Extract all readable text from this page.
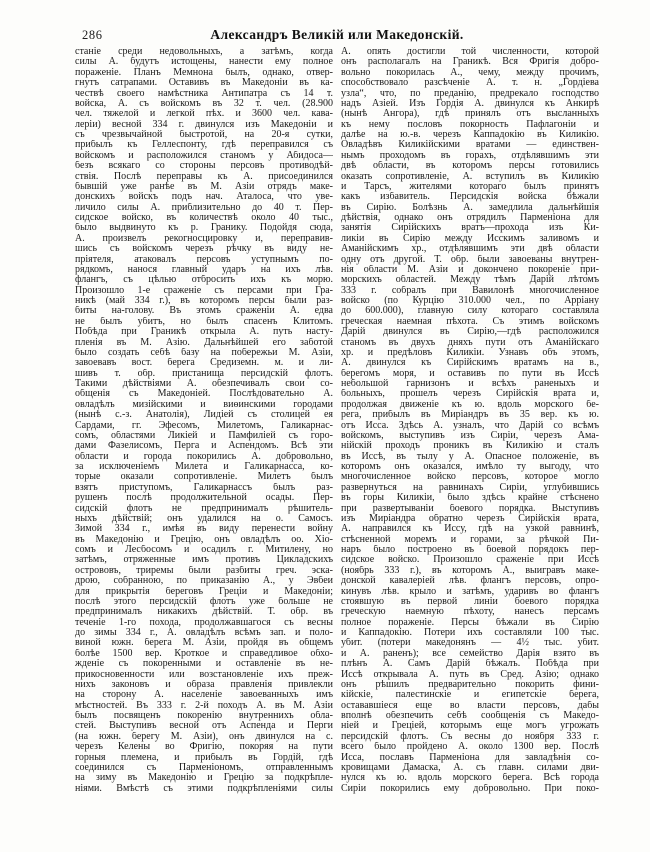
286	Александръ Великій или Македонскій.
станіе среди недовольныхъ, а затѣмъ, когда
силы А. будутъ истощены, нанести ему полное
пораженіе. Планъ Мемнона былъ, однако, отвер-
гнутъ сатрапами. Оставивъ въ Македоніи въ ка-
чествѣ своего намѣстника Антипатра съ 14 т.
войска, А. съ войскомъ въ 32 т. чел. (28.900
чел. тяжелой и легкой пѣх. и 3600 чел. кава-
леріи) весной 334 г. двинулся изъ Македоніи и
съ чрезвычайной быстротой, на 20-я сутки,
прибылъ къ Геллеспонту, гдѣ переправился съ
войскомъ и расположился станомъ у Абидоса—
безъ всякаго со стороны персовъ противодѣй-
ствія. Послѣ переправы къ А. присоединился
бывшій уже ранѣе въ М. Азіи отрядъ маке-
донскихъ войскъ подъ нач. Аталоса, что уве-
личило силы А. приблизительно до 40 т. Пер-
сидское войско, въ количествѣ около 40 тыс.,
было выдвинуто къ р. Гранику. Подойдя сюда,
А. произвелъ рекогносцировку и, переправив-
шись съ войскомъ черезъ рѣчку въ виду не-
пріятеля, атаковалъ персовъ уступнымъ по-
рядкомъ, нанося главный ударъ на ихъ лѣв.
флангъ, съ цѣлью отбросить ихъ къ морю.
Произошло 1-е сраженіе съ персами при Гра-
никѣ (май 334 г.), въ которомъ персы были раз-
биты на-голову. Въ этомъ сраженіи А. едва
не былъ убитъ, но былъ спасенъ Клитомъ.
Побѣда при Граникѣ открыла А. путь насту-
пленія въ М. Азію. Дальнѣйшей его заботой
было создать себѣ базу на побережьи М. Азіи,
завоевавъ вост. берега Средиземн. м. и ли-
шивъ т. обр. пристанища персидскій флотъ.
Такими дѣйствіями А. обезпечивалъ свои со-
общенія съ Македоніей. Послѣдовательно А.
овладѣлъ мизійскими и виѳинскими городами
(нынѣ с.-з. Анатолія), Лидіей съ столицей ея
Сардами, гг. Эфесомъ, Милетомъ, Галикарнас-
сомъ, областями Ликіей и Памфиліей съ горо-
дами Фазелисомъ, Перга и Аспендомъ. Всѣ эти
области и города покорились А. добровольно,
за исключеніемъ Милета и Галикарнасса, ко-
торые оказали сопротивленіе. Милетъ былъ
взятъ приступомъ, Галикарнассъ былъ раз-
рушенъ послѣ продолжительной осады. Пер-
сидскій флотъ не предпринималъ рѣшитель-
ныхъ дѣйствій; онъ удалился на о. Самосъ.
Зимой 334 г., имѣя въ виду перенести войну
въ Македонію и Грецію, онъ овладѣлъ оо. Хіо-
сомъ и Лесбосомъ и осадилъ г. Митилену, но
затѣмъ, отряженные имъ противъ Цикладскихъ
острововъ, триремы были разбиты греч. эска-
дрою, собранною, по приказанію А., у Эвбеи
для прикрытія береговъ Греціи и Македоніи;
послѣ этого персидскій флотъ уже больше не
предпринималъ никакихъ дѣйствій. Т. обр. въ
теченіе 1-го похода, продолжавшагося съ весны
до зимы 334 г., А. овладѣлъ всѣмъ зап. и поло-
виной южн. берега М. Азіи, пройдя въ общемъ
болѣе 1500 вер. Кроткое и справедливое обхо-
жденіе съ покоренными и оставленіе въ не-
прикосновенности или возстановленіе ихъ преж-
нихъ законовъ и образа правленія привлекли
на сторону А. населеніе завоеванныхъ имъ
мѣстностей. Въ 333 г. 2-й походъ А. въ М. Азіи
былъ посвященъ покоренію внутреннихъ обла-
стей. Выступивъ весной отъ Аспенда и Перги
(на южн. берегу М. Азіи), онъ двинулся на с.
черезъ Келены во Фригію, покоряя на пути
горныя племена, и прибылъ въ Гордій, гдѣ
соединился съ Парменіономъ, отправленнымъ
на зиму въ Македонію и Грецію за подкрѣпле-
ніями. Вмѣстѣ съ этими подкрѣпленіями силы
А. опять достигли той численности, которой
онъ располагалъ на Граникѣ. Вся Фригія добро-
вольно покорилась А., чему, между прочимъ,
способствовало разсѣченіе А. т. н. „Гордіева
узла“, что, по преданію, предрекало господство
надъ Азіей. Изъ Гордія А. двинулся къ Анкирѣ
(нынѣ Ангора), гдѣ принялъ отъ высланныхъ
къ нему пословъ покорность Пафлагоніи и
далѣе на ю.-в. черезъ Каппадокію въ Киликію.
Овладѣвъ Киликійскими вратами — единствен-
нымъ проходомъ въ горахъ, отдѣлявшимъ эти
двѣ области, въ которомъ персы готовились
оказать сопротивленіе, А. вступилъ въ Киликію
и Тарсъ, жителями котораго былъ принятъ
какъ избавитель. Персидскія войска бѣжали
въ Сирію. Болѣзнь А. замедлила дальнѣйшія
дѣйствія, однако онъ отрядилъ Парменіона для
занятія Сирійскихъ вратъ—прохода изъ Ки-
ликіи въ Сирію между Исскимъ заливомъ и
Аманійскимъ хр., отдѣлявшимъ эти двѣ области
одну отъ другой. Т. обр. были завоеваны внутрен-
нія области М. Азіи и докончено покореніе при-
морскихъ областей. Между тѣмъ Дарій лѣтомъ
333 г. собралъ при Вавилонѣ многочисленное
войско (по Курцію 310.000 чел., по Арріану
до 600.000), главную силу котораго составляла
греческая наемная пѣхота. Съ этимъ войскомъ
Дарій двинулся въ Сирію,—гдѣ расположился
станомъ въ двухъ дняхъ пути отъ Аманійскаго
хр. и предѣловъ Киликіи. Узнавъ объ этомъ,
А. двинулся къ Сирійскимъ вратамъ на в.,
берегомъ моря, и оставивъ по пути въ Иссѣ
небольшой гарнизонъ и всѣхъ раненыхъ и
больныхъ, прошелъ черезъ Сирійскія врата и,
продолжая движеніе къ ю. вдоль морского бе-
рега, прибылъ въ Миріандръ въ 35 вер. къ ю.
отъ Исса. Здѣсь А. узналъ, что Дарій со всѣмъ
войскомъ, выступивъ изъ Сиріи, черезъ Ама-
нійскій проходъ проникъ въ Киликію и сталъ
въ Иссѣ, въ тылу у А. Опасное положеніе, въ
которомъ онъ оказался, имѣло ту выгоду, что
многочисленное войско персовъ, которое могло
развернуться на равнинахъ Сиріи, углубившись
въ горы Киликіи, было здѣсь крайне стѣснено
при развертываніи боевого порядка. Выступивъ
изъ Миріандра обратно черезъ Сирійскія врата,
А. направился къ Иссу, гдѣ на узкой равнинѣ,
стѣсненной моремъ и горами, за рѣчкой Пи-
наръ было построено въ боевой порядокъ пер-
сидское войско. Произошло сраженіе при Иссѣ
(ноябрь 333 г.), въ которомъ А., выигравъ маке-
донской кавалеріей лѣв. флангъ персовъ, опро-
кинувъ лѣв. крыло и затѣмъ, ударивъ во флангъ
стоявшую въ первой линіи боевого порядка
греческую наемную пѣхоту, нанесъ персамъ
полное пораженіе. Персы бѣжали въ Сирію
и Каппадокію. Потери ихъ составляли 100 тыс.
убит. (потери македонянъ — 4½ тыс. убит.
и А. раненъ); все семейство Дарія взято въ
плѣнъ А. Самъ Дарій бѣжалъ. Побѣда при
Иссѣ открывала А. путь въ Сред. Азію; однако
онъ рѣшилъ предварительно покорить фини-
кійскіе, палестинскіе и египетскіе берега,
остававшіеся еще во власти персовъ, дабы
вполнѣ обезпечить себѣ сообщенія съ Македо-
ніей и Греціей, которымъ еще могъ угрожать
персидскій флотъ. Съ весны до ноября 333 г.
всего было пройдено А. около 1300 вер. Послѣ
Исса, пославъ Парменіона для завладѣнія со-
кровищами Дамаска, А. съ главн. силами дви-
нулся къ ю. вдоль морского берега. Всѣ города
Сиріи покорились ему добровольно. При поко-
